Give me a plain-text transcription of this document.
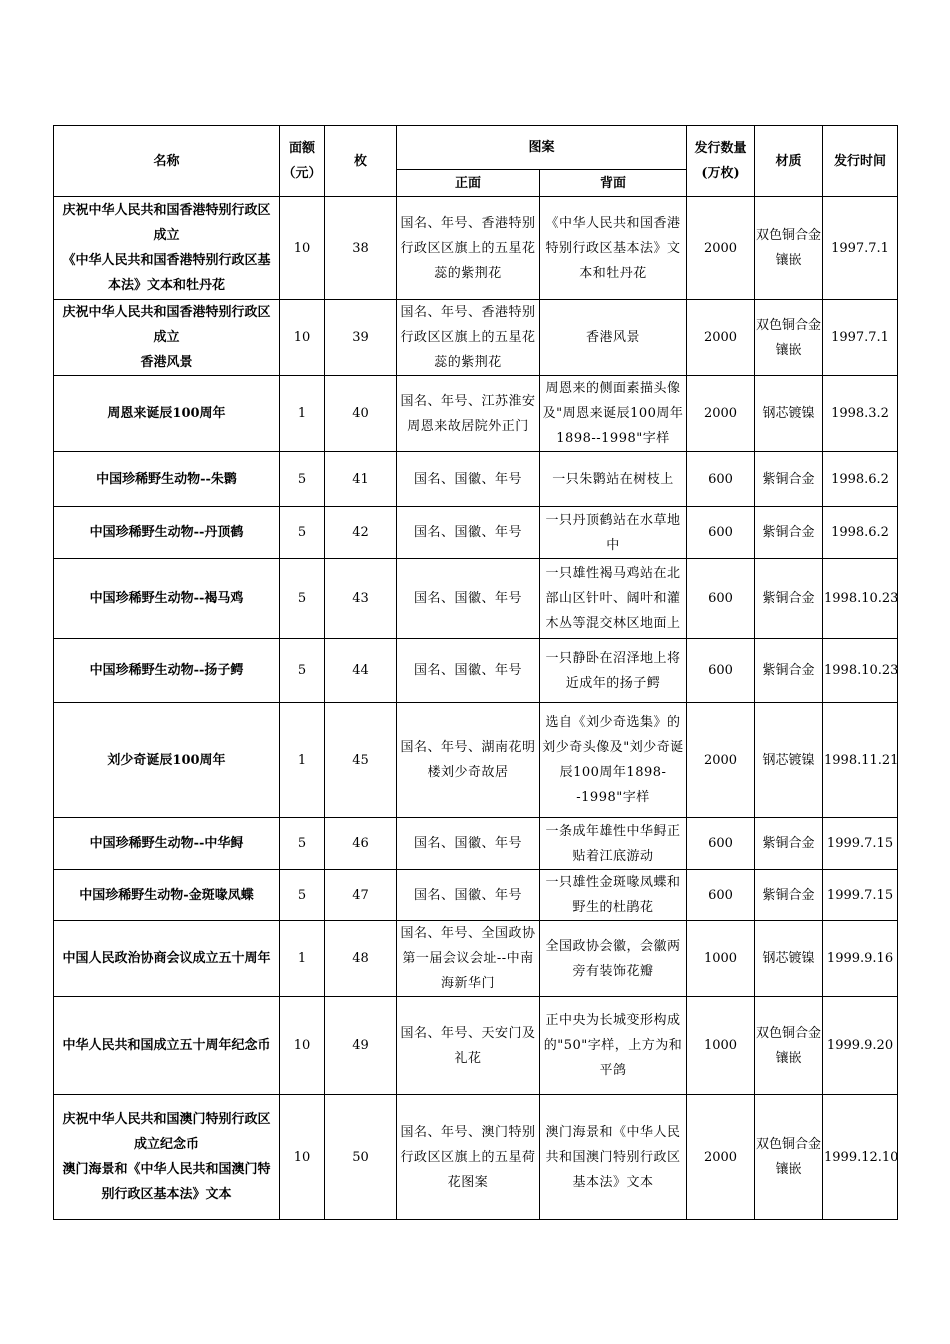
名称	面额（元）	枚	图案		发行数量(万枚)	材质	发行时间
			正面	背面			

庆祝中华人民共和国香港特别行政区成立
《中华人民共和国香港特别行政区基本法》文本和牡丹花	10	38	国名、年号、香港特别行政区区旗上的五星花蕊的紫荆花	《中华人民共和国香港特别行政区基本法》文本和牡丹花	2000	双色铜合金镶嵌	1997.7.1

庆祝中华人民共和国香港特别行政区成立
香港风景	10	39	国名、年号、香港特别行政区区旗上的五星花蕊的紫荆花	香港风景	2000	双色铜合金镶嵌	1997.7.1

周恩来诞辰100周年	1	40	国名、年号、江苏淮安周恩来故居院外正门	周恩来的侧面素描头像及"周恩来诞辰100周年1898--1998"字样	2000	钢芯镀镍	1998.3.2

中国珍稀野生动物--朱鹮	5	41	国名、国徽、年号	一只朱鹮站在树枝上	600	紫铜合金	1998.6.2

中国珍稀野生动物--丹顶鹤	5	42	国名、国徽、年号	一只丹顶鹤站在水草地中	600	紫铜合金	1998.6.2

中国珍稀野生动物--褐马鸡	5	43	国名、国徽、年号	一只雄性褐马鸡站在北部山区针叶、阔叶和灌木丛等混交林区地面上	600	紫铜合金	1998.10.23

中国珍稀野生动物--扬子鳄	5	44	国名、国徽、年号	一只静卧在沼泽地上将近成年的扬子鳄	600	紫铜合金	1998.10.23

刘少奇诞辰100周年	1	45	国名、年号、湖南花明楼刘少奇故居	选自《刘少奇选集》的刘少奇头像及"刘少奇诞辰100周年1898--1998"字样	2000	钢芯镀镍	1998.11.21

中国珍稀野生动物--中华鲟	5	46	国名、国徽、年号	一条成年雄性中华鲟正贴着江底游动	600	紫铜合金	1999.7.15

中国珍稀野生动物-金斑喙凤蝶	5	47	国名、国徽、年号	一只雄性金斑喙凤蝶和野生的杜鹃花	600	紫铜合金	1999.7.15

中国人民政治协商会议成立五十周年	1	48	国名、年号、全国政协第一届会议会址--中南海新华门	全国政协会徽，会徽两旁有装饰花瓣	1000	钢芯镀镍	1999.9.16

中华人民共和国成立五十周年纪念币	10	49	国名、年号、天安门及礼花	正中央为长城变形构成的"50"字样，上方为和平鸽	1000	双色铜合金镶嵌	1999.9.20

庆祝中华人民共和国澳门特别行政区成立纪念币
澳门海景和《中华人民共和国澳门特别行政区基本法》文本	10	50	国名、年号、澳门特别行政区区旗上的五星荷花图案	澳门海景和《中华人民共和国澳门特别行政区基本法》文本	2000	双色铜合金镶嵌	1999.12.10
